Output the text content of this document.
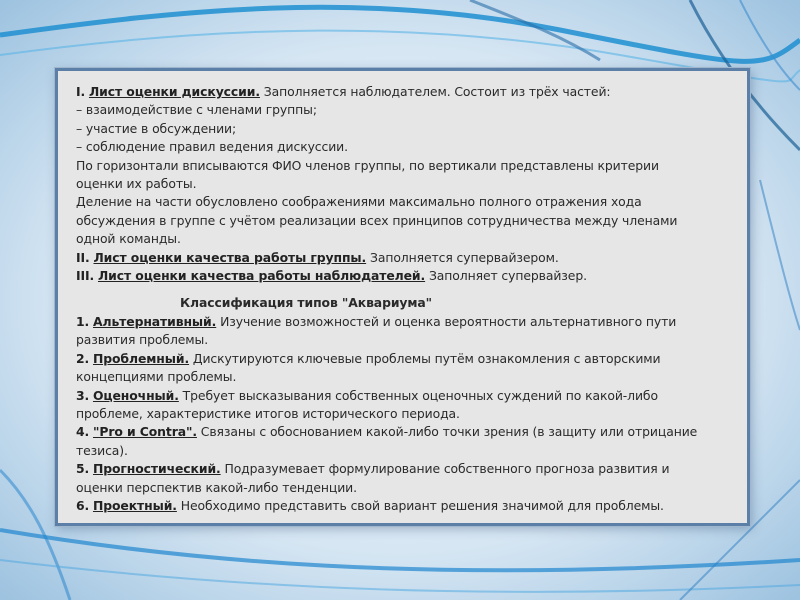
I. Лист оценки дискуссии. Заполняется наблюдателем. Состоит из трёх частей:
– взаимодействие с членами группы;
– участие в обсуждении;
– соблюдение правил ведения дискуссии.
По горизонтали вписываются ФИО членов группы, по вертикали представлены критерии
оценки их работы.
Деление на части обусловлено соображениями максимально полного отражения хода
обсуждения в группе с учётом реализации всех принципов сотрудничества между членами
одной команды.
II. Лист оценки качества работы группы. Заполняется супервайзером.
III. Лист оценки качества работы наблюдателей. Заполняет супервайзер.
Классификация типов "Аквариума"
1. Альтернативный. Изучение возможностей и оценка вероятности альтернативного пути
развития проблемы.
2. Проблемный. Дискутируются ключевые проблемы путём ознакомления с авторскими
концепциями проблемы.
3. Оценочный. Требует высказывания собственных оценочных суждений по какой-либо
проблеме, характеристике итогов исторического периода.
4. "Pro и Contra". Связаны с обоснованием какой-либо точки зрения (в защиту или отрицание
тезиса).
5. Прогностический. Подразумевает формулирование собственного прогноза развития и
оценки перспектив какой-либо тенденции.
6. Проектный. Необходимо представить свой вариант решения значимой для проблемы.
